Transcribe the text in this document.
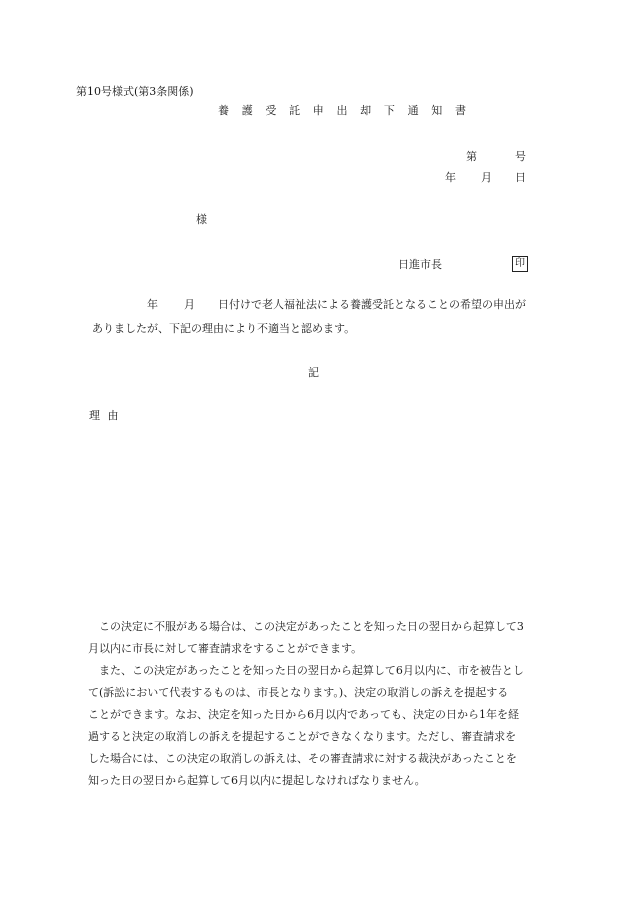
第10号様式(第3条関係)
養 護 受 託 申 出 却 下 通 知 書
第	号
年 月 日
様
日進市長	印
年 月 日付けで老人福祉法による養護受託となることの希望の申出が
ありましたが、下記の理由により不適当と認めます。
記
理 由

　この決定に不服がある場合は、この決定があったことを知った日の翌日から起算して3

月以内に市長に対して審査請求をすることができます。

　また、この決定があったことを知った日の翌日から起算して6月以内に、市を被告とし

て(訴訟において代表するものは、市長となります。)、決定の取消しの訴えを提起する

ことができます。なお、決定を知った日から6月以内であっても、決定の日から1年を経

過すると決定の取消しの訴えを提起することができなくなります。ただし、審査請求を

した場合には、この決定の取消しの訴えは、その審査請求に対する裁決があったことを

知った日の翌日から起算して6月以内に提起しなければなりません。
